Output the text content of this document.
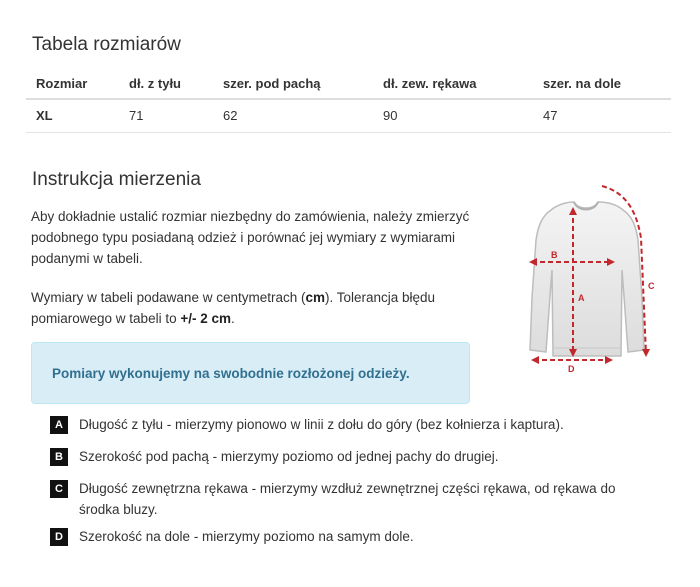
Tabela rozmiarów
Rozmiar	dł. z tyłu	szer. pod pachą	dł. zew. rękawa	szer. na dole
XL	71	62	90	47
Instrukcja mierzenia

Aby dokładnie ustalić rozmiar niezbędny do zamówienia, należy zmierzyć podobnego typu posiadaną odzież i porównać jej wymiary z wymiarami podanymi w tabeli.

Wymiary w tabeli podawane w centymetrach (cm). Tolerancja błędu pomiarowego w tabeli to +/- 2 cm.

Pomiary wykonujemy na swobodnie rozłożonej odzieży.
A
B
C
D
A	Długość z tyłu - mierzymy pionowo w linii z dołu do góry (bez kołnierza i kaptura).
B	Szerokość pod pachą - mierzymy poziomo od jednej pachy do drugiej.
C	Długość zewnętrzna rękawa - mierzymy wzdłuż zewnętrznej części rękawa, od rękawa do środka bluzy.
D	Szerokość na dole - mierzymy poziomo na samym dole.
